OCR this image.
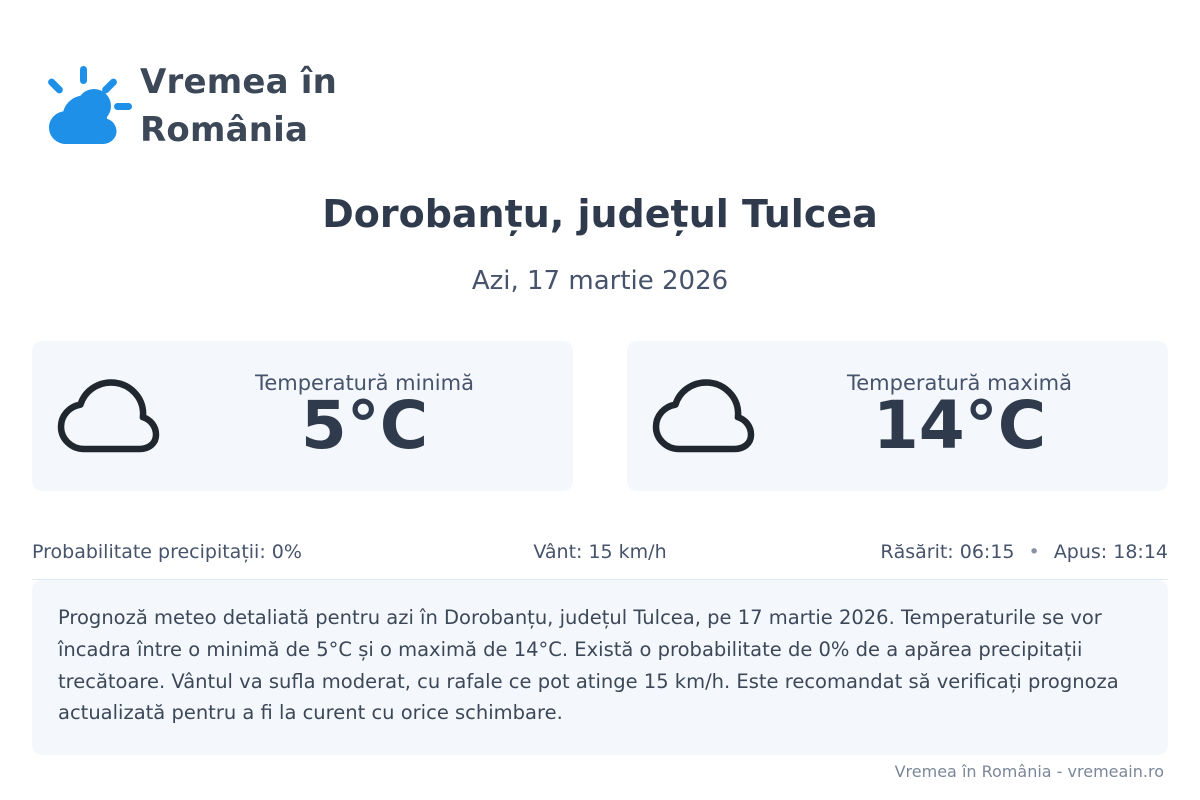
Vremea în
România
Dorobanțu, județul Tulcea
Azi, 17 martie 2026
Temperatură minimă
5°C
Temperatură maximă
14°C
Probabilitate precipitații: 0%	Vânt: 15 km/h	Răsărit: 06:15 • Apus: 18:14
Prognoză meteo detaliată pentru azi în Dorobanțu, județul Tulcea, pe 17 martie 2026. Temperaturile se vor încadra între o minimă de 5°C și o maximă de 14°C. Există o probabilitate de 0% de a apărea precipitații trecătoare. Vântul va sufla moderat, cu rafale ce pot atinge 15 km/h. Este recomandat să verificați prognoza actualizată pentru a fi la curent cu orice schimbare.
Vremea în România - vremeain.ro
